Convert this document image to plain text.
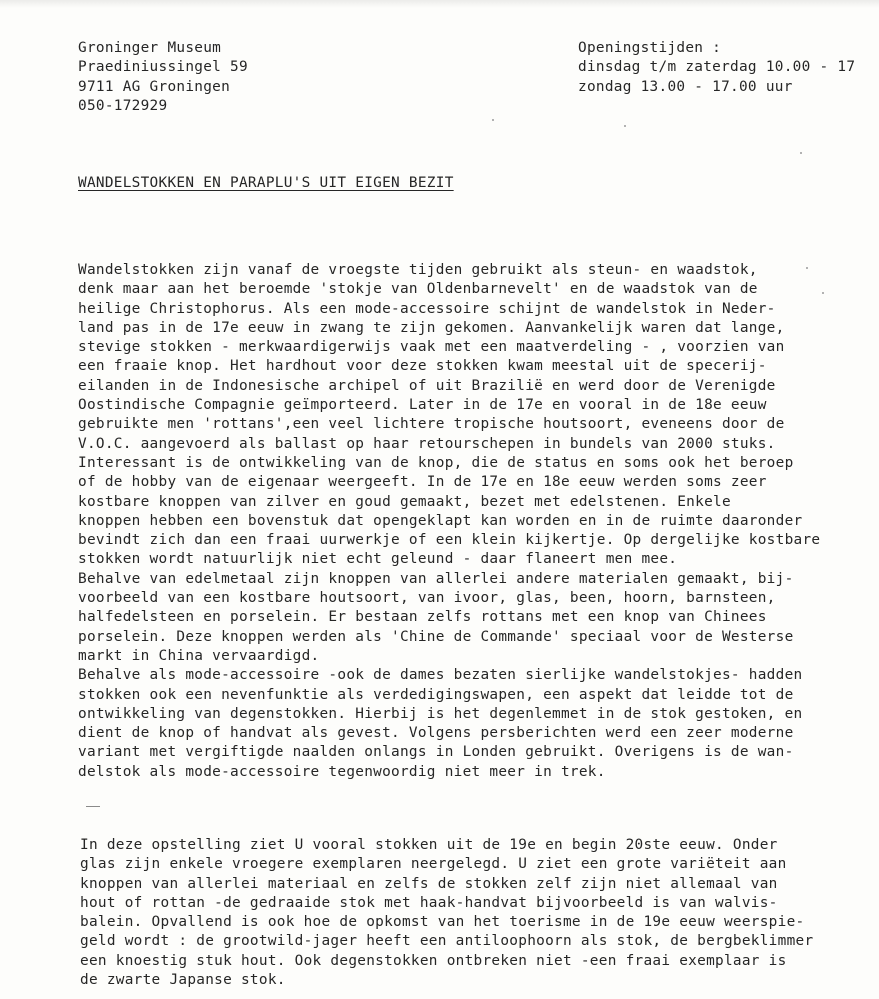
Groninger Museum
Praediniussingel 59
9711 AG Groningen
050-172929
Openingstijden :
dinsdag t/m zaterdag 10.00 - 17
zondag 13.00 - 17.00 uur
WANDELSTOKKEN EN PARAPLU'S UIT EIGEN BEZIT
Wandelstokken zijn vanaf de vroegste tijden gebruikt als steun- en waadstok,
denk maar aan het beroemde 'stokje van Oldenbarnevelt' en de waadstok van de
heilige Christophorus. Als een mode-accessoire schijnt de wandelstok in Neder-
land pas in de 17e eeuw in zwang te zijn gekomen. Aanvankelijk waren dat lange,
stevige stokken - merkwaardigerwijs vaak met een maatverdeling - , voorzien van
een fraaie knop. Het hardhout voor deze stokken kwam meestal uit de specerij-
eilanden in de Indonesische archipel of uit Brazilië en werd door de Verenigde
Oostindische Compagnie geïmporteerd. Later in de 17e en vooral in de 18e eeuw
gebruikte men 'rottans',een veel lichtere tropische houtsoort, eveneens door de
V.O.C. aangevoerd als ballast op haar retourschepen in bundels van 2000 stuks.
Interessant is de ontwikkeling van de knop, die de status en soms ook het beroep
of de hobby van de eigenaar weergeeft. In de 17e en 18e eeuw werden soms zeer
kostbare knoppen van zilver en goud gemaakt, bezet met edelstenen. Enkele
knoppen hebben een bovenstuk dat opengeklapt kan worden en in de ruimte daaronder
bevindt zich dan een fraai uurwerkje of een klein kijkertje. Op dergelijke kostbare
stokken wordt natuurlijk niet echt geleund - daar flaneert men mee.
Behalve van edelmetaal zijn knoppen van allerlei andere materialen gemaakt, bij-
voorbeeld van een kostbare houtsoort, van ivoor, glas, been, hoorn, barnsteen,
halfedelsteen en porselein. Er bestaan zelfs rottans met een knop van Chinees
porselein. Deze knoppen werden als 'Chine de Commande' speciaal voor de Westerse
markt in China vervaardigd.
Behalve als mode-accessoire -ook de dames bezaten sierlijke wandelstokjes- hadden
stokken ook een nevenfunktie als verdedigingswapen, een aspekt dat leidde tot de
ontwikkeling van degenstokken. Hierbij is het degenlemmet in de stok gestoken, en
dient de knop of handvat als gevest. Volgens persberichten werd een zeer moderne
variant met vergiftigde naalden onlangs in Londen gebruikt. Overigens is de wan-
delstok als mode-accessoire tegenwoordig niet meer in trek.
In deze opstelling ziet U vooral stokken uit de 19e en begin 20ste eeuw. Onder
glas zijn enkele vroegere exemplaren neergelegd. U ziet een grote variëteit aan
knoppen van allerlei materiaal en zelfs de stokken zelf zijn niet allemaal van
hout of rottan -de gedraaide stok met haak-handvat bijvoorbeeld is van walvis-
balein. Opvallend is ook hoe de opkomst van het toerisme in de 19e eeuw weerspie-
geld wordt : de grootwild-jager heeft een antiloophoorn als stok, de bergbeklimmer
een knoestig stuk hout. Ook degenstokken ontbreken niet -een fraai exemplaar is
de zwarte Japanse stok.
